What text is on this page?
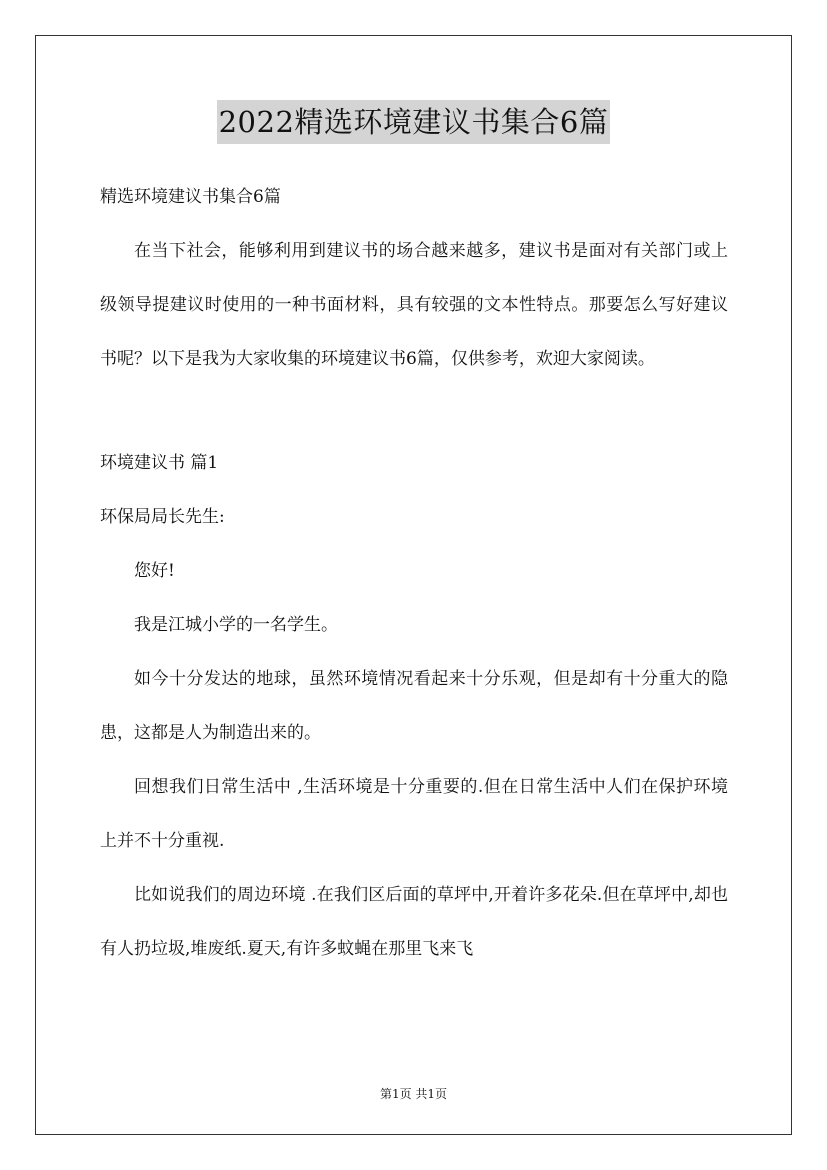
2022精选环境建议书集合6篇
精选环境建议书集合6篇

在当下社会，能够利用到建议书的场合越来越多，建议书是面对有关部门或上级领导提建议时使用的一种书面材料，具有较强的文本性特点。那要怎么写好建议书呢？以下是我为大家收集的环境建议书6篇，仅供参考，欢迎大家阅读。

环境建议书 篇1
环保局局长先生:

您好!

我是江城小学的一名学生。

如今十分发达的地球，虽然环境情况看起来十分乐观，但是却有十分重大的隐患，这都是人为制造出来的。

回想我们日常生活中 ,生活环境是十分重要的.但在日常生活中人们在保护环境上并不十分重视.

比如说我们的周边环境 .在我们区后面的草坪中,开着许多花朵.但在草坪中,却也有人扔垃圾,堆废纸.夏天,有许多蚊蝇在那里飞来飞

第1页 共1页
